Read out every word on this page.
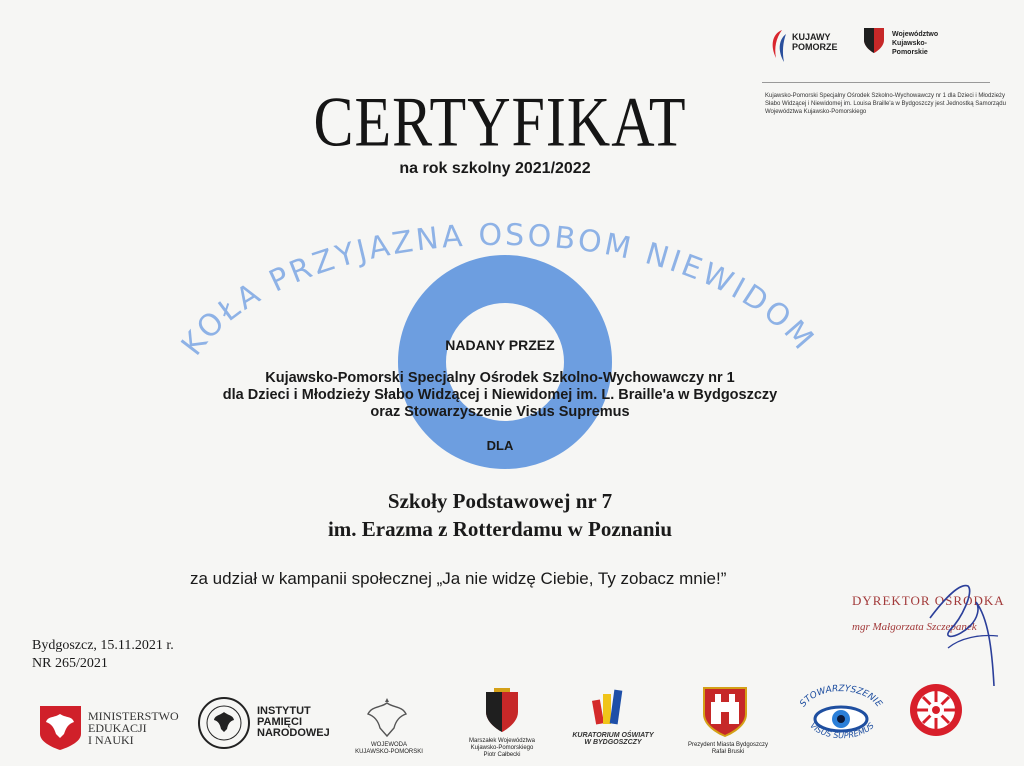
KUJAWY POMORZE
Województwo Kujawsko-Pomorskie
Kujawsko-Pomorski Specjalny Ośrodek Szkolno-Wychowawczy nr 1 dla Dzieci i Młodzieży Słabo Widzącej i Niewidomej im. Louisa Braille'a w Bydgoszczy jest Jednostką Samorządu Województwa Kujawsko-Pomorskiego
CERTYFIKAT
na rok szkolny 2021/2022
SZKOŁA PRZYJAZNA OSOBOM NIEWIDOMYM
NADANY PRZEZ
Kujawsko-Pomorski Specjalny Ośrodek Szkolno-Wychowawczy nr 1
dla Dzieci i Młodzieży Słabo Widzącej i Niewidomej im. L. Braille'a w Bydgoszczy
oraz Stowarzyszenie Visus Supremus
DLA
Szkoły Podstawowej nr 7
im. Erazma z Rotterdamu w Poznaniu
za udział w kampanii społecznej „Ja nie widzę Ciebie, Ty zobacz mnie!”
Bydgoszcz, 15.11.2021 r.
NR 265/2021
DYREKTOR OŚRODKA
mgr Małgorzata Szczepanek
MINISTERSTWO
EDUKACJI
I NAUKI
INSTYTUT
PAMIĘCI
NARODOWEJ
WOJEWODA
KUJAWSKO-POMORSKI
Marszałek Województwa
Kujawsko-Pomorskiego
Piotr Całbecki
KURATORIUM OŚWIATY
W BYDGOSZCZY	Prezydent Miasta Bydgoszczy
Rafał Bruski
STOWARZYSZENIE
VISUS SUPREMUS
